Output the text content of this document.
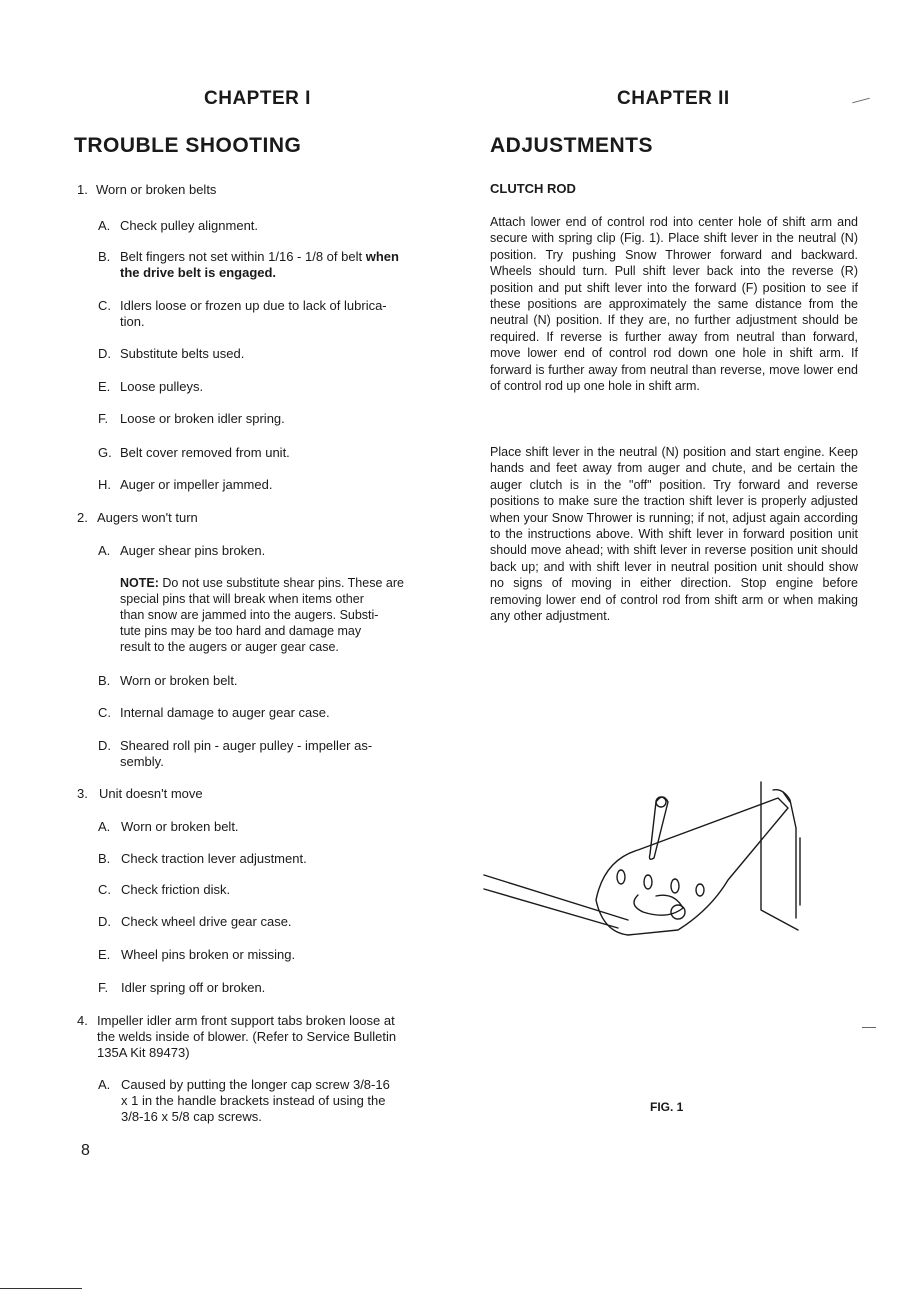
CHAPTER I
TROUBLE SHOOTING
1. Worn or broken belts
A. Check pulley alignment.
B. Belt fingers not set within 1/16 - 1/8 of belt when
the drive belt is engaged.
C. Idlers loose or frozen up due to lack of lubrica-
tion.
D. Substitute belts used.
E. Loose pulleys.
F. Loose or broken idler spring.
G. Belt cover removed from unit.
H. Auger or impeller jammed.
2. Augers won't turn
A. Auger shear pins broken.
NOTE: Do not use substitute shear pins. These are
special pins that will break when items other
than snow are jammed into the augers. Substi-
tute pins may be too hard and damage may
result to the augers or auger gear case.
B. Worn or broken belt.
C. Internal damage to auger gear case.
D. Sheared roll pin - auger pulley - impeller as-
sembly.
3. Unit doesn't move
A. Worn or broken belt.
B. Check traction lever adjustment.
C. Check friction disk.
D. Check wheel drive gear case.
E. Wheel pins broken or missing.
F. Idler spring off or broken.
4. Impeller idler arm front support tabs broken loose at
the welds inside of blower. (Refer to Service Bulletin
135A Kit 89473)
A. Caused by putting the longer cap screw 3/8-16
x 1 in the handle brackets instead of using the
3/8-16 x 5/8 cap screws.
8
CHAPTER II
ADJUSTMENTS
CLUTCH ROD

Attach lower end of control rod into center hole of shift arm and secure with spring clip (Fig. 1). Place shift lever in the neutral (N) position. Try pushing Snow Thrower forward and backward. Wheels should turn. Pull shift lever back into the reverse (R) position and put shift lever into the forward (F) position to see if these positions are approximately the same distance from the neutral (N) position. If they are, no further adjustment should be required. If reverse is further away from neutral than forward, move lower end of control rod down one hole in shift arm. If forward is further away from neutral than reverse, move lower end of control rod up one hole in shift arm.

Place shift lever in the neutral (N) position and start engine. Keep hands and feet away from auger and chute, and be certain the auger clutch is in the "off" position. Try forward and reverse positions to make sure the traction shift lever is properly adjusted when your Snow Thrower is running; if not, adjust again according to the instructions above. With shift lever in forward position unit should move ahead; with shift lever in reverse position unit should back up; and with shift lever in neutral position unit should show no signs of moving in either direction. Stop engine before removing lower end of control rod from shift arm or when making any other adjustment.

FIG. 1
